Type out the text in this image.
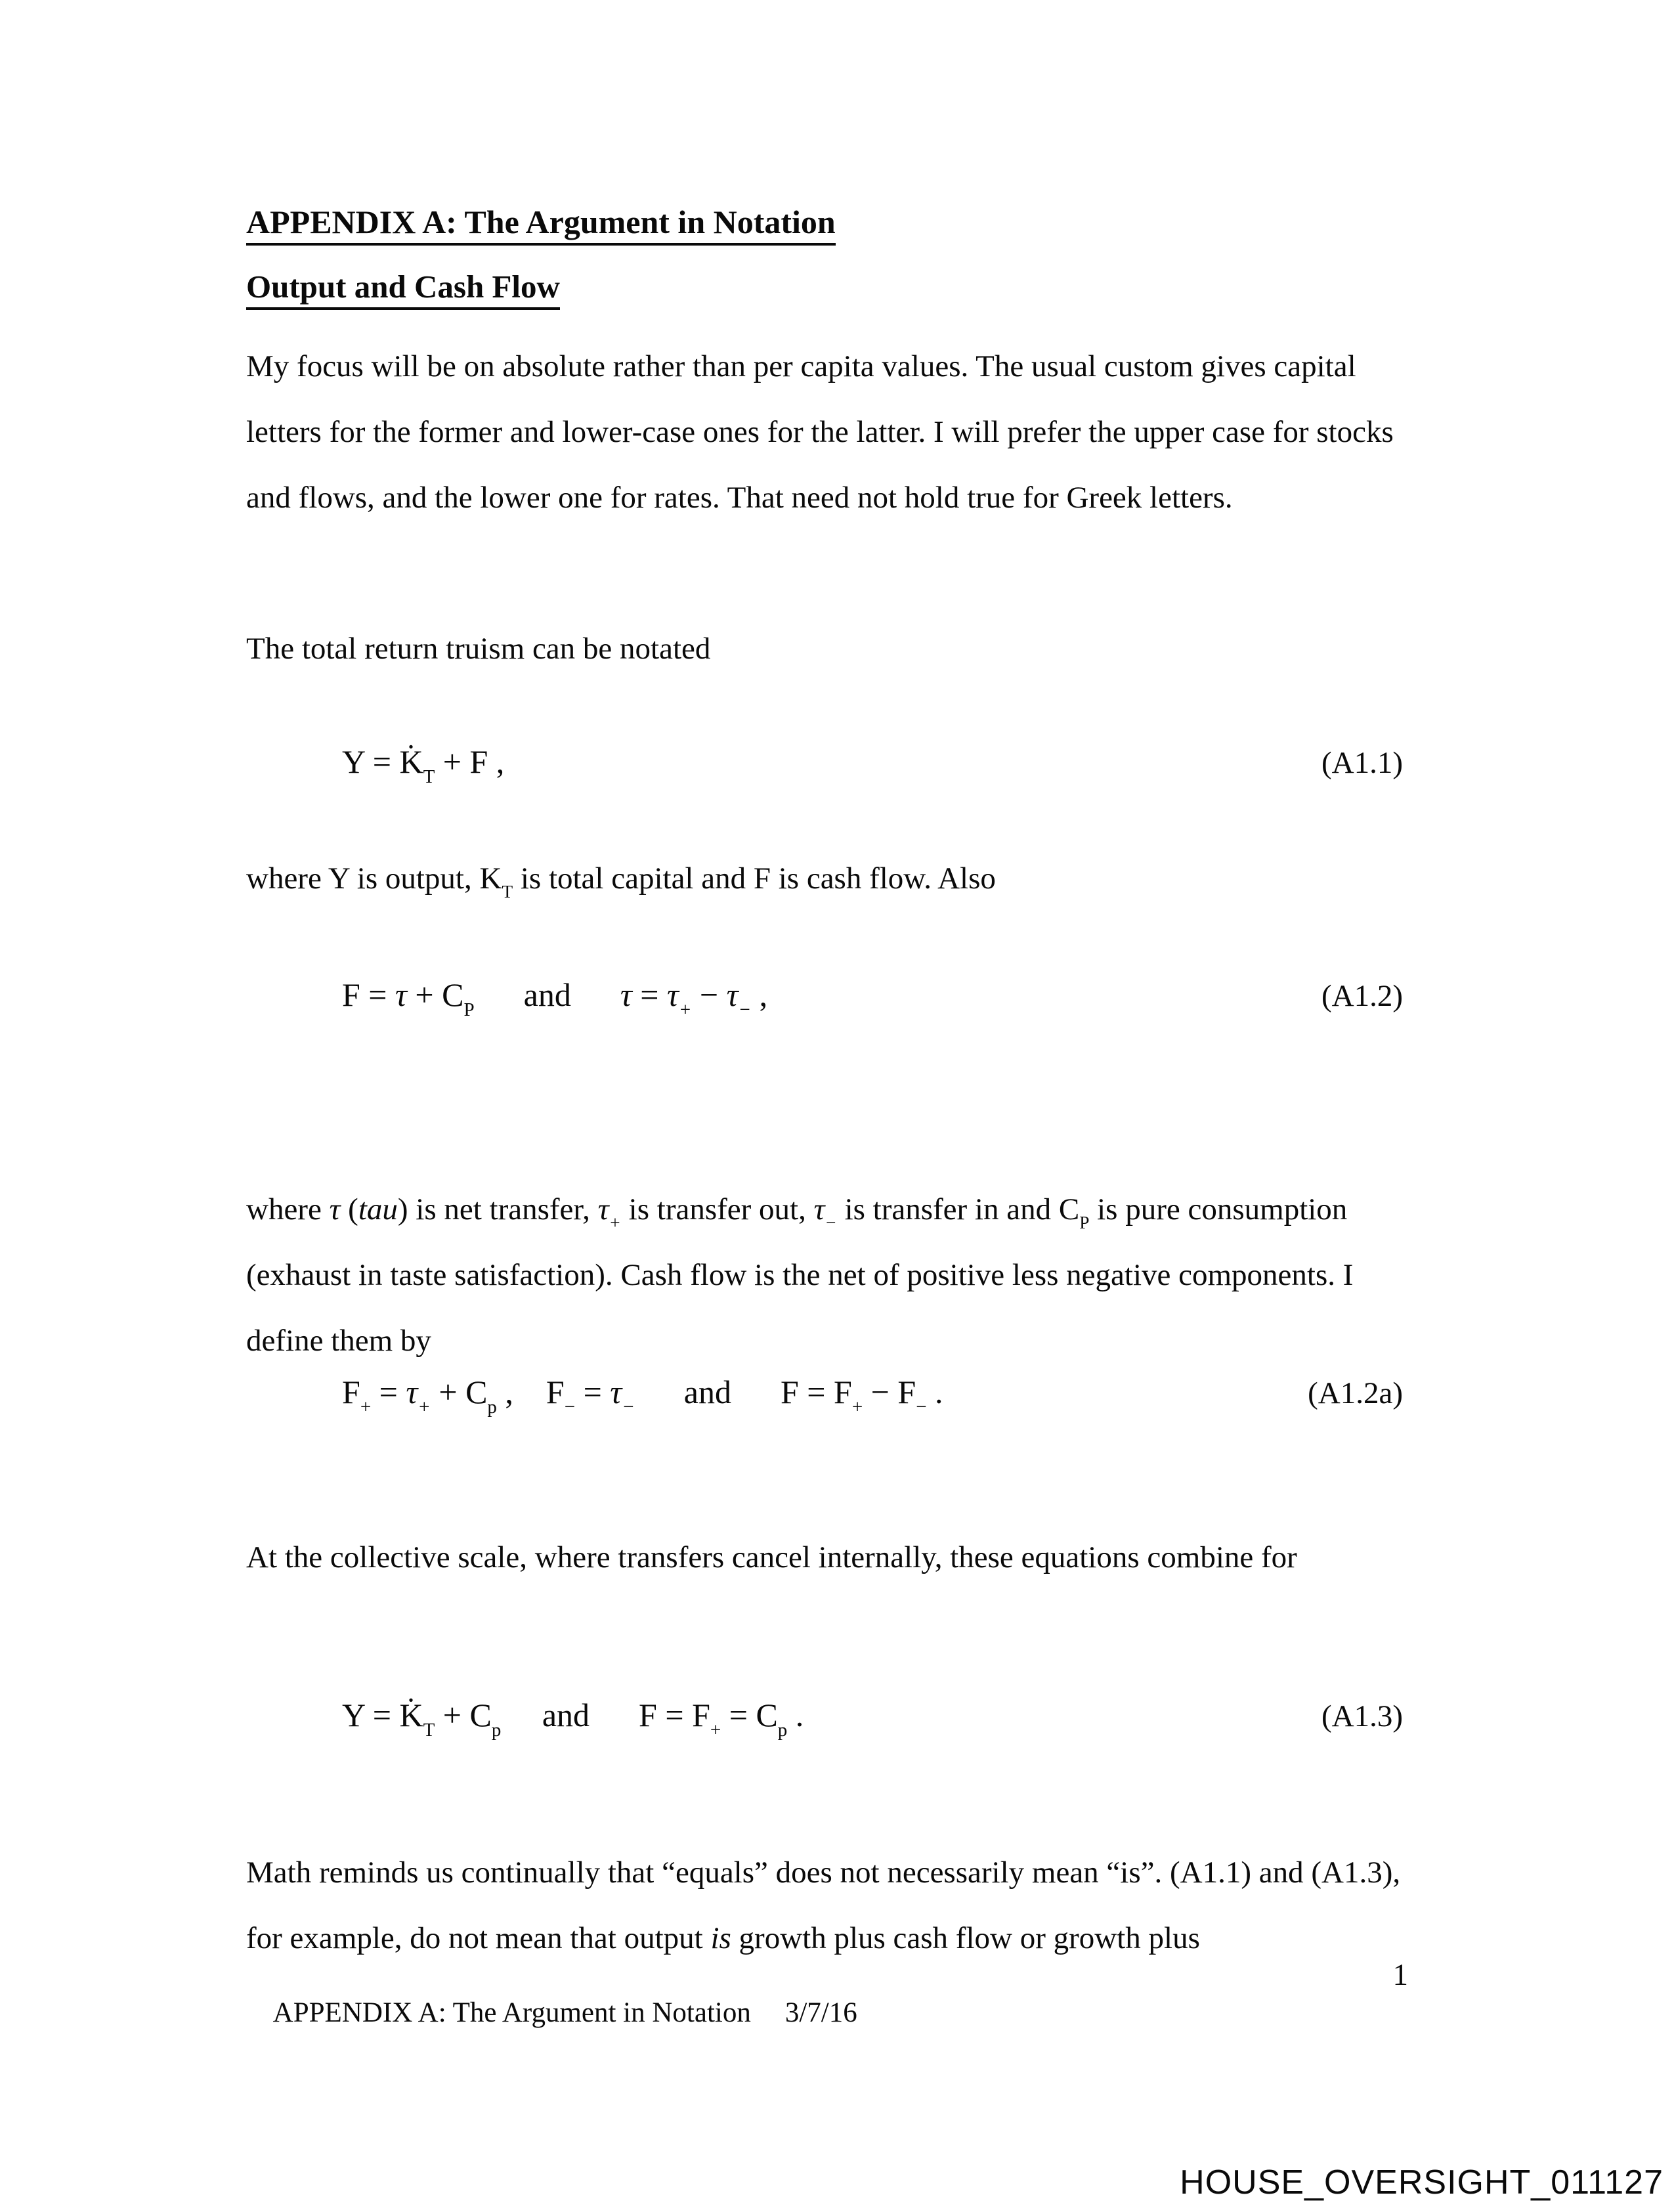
APPENDIX A: The Argument in Notation
Output and Cash Flow

My focus will be on absolute rather than per capita values. The usual custom gives capital letters for the former and lower-case ones for the latter. I will prefer the upper case for stocks and flows, and the lower one for rates. That need not hold true for Greek letters.

The total return truism can be notated

$Y = K̇_T + F$ ,	(A1.1)

where Y is output, $K_T$ is total capital and F is cash flow. Also

$F = \tau + C_P$      and      $\tau = \tau_+ - \tau_-$ ,	(A1.2)

where τ (tau) is net transfer, $\tau_+$ is transfer out, $\tau_-$ is transfer in and $C_P$ is pure consumption (exhaust in taste satisfaction). Cash flow is the net of positive less negative components. I define them by

$F_+ = \tau_+ + C_p$ ,    $F_- = \tau_-$      and      $F = F_+ - F_-$ .	(A1.2a)

At the collective scale, where transfers cancel internally, these equations combine for

$Y = K̇_T + C_p$     and      $F = F_+ = C_p$ .	(A1.3)

Math reminds us continually that “equals” does not necessarily mean “is”. (A1.1) and (A1.3), for example, do not mean that output is growth plus cash flow or growth plus

APPENDIX A: The Argument in Notation 3/7/16

1
HOUSE_OVERSIGHT_011127
